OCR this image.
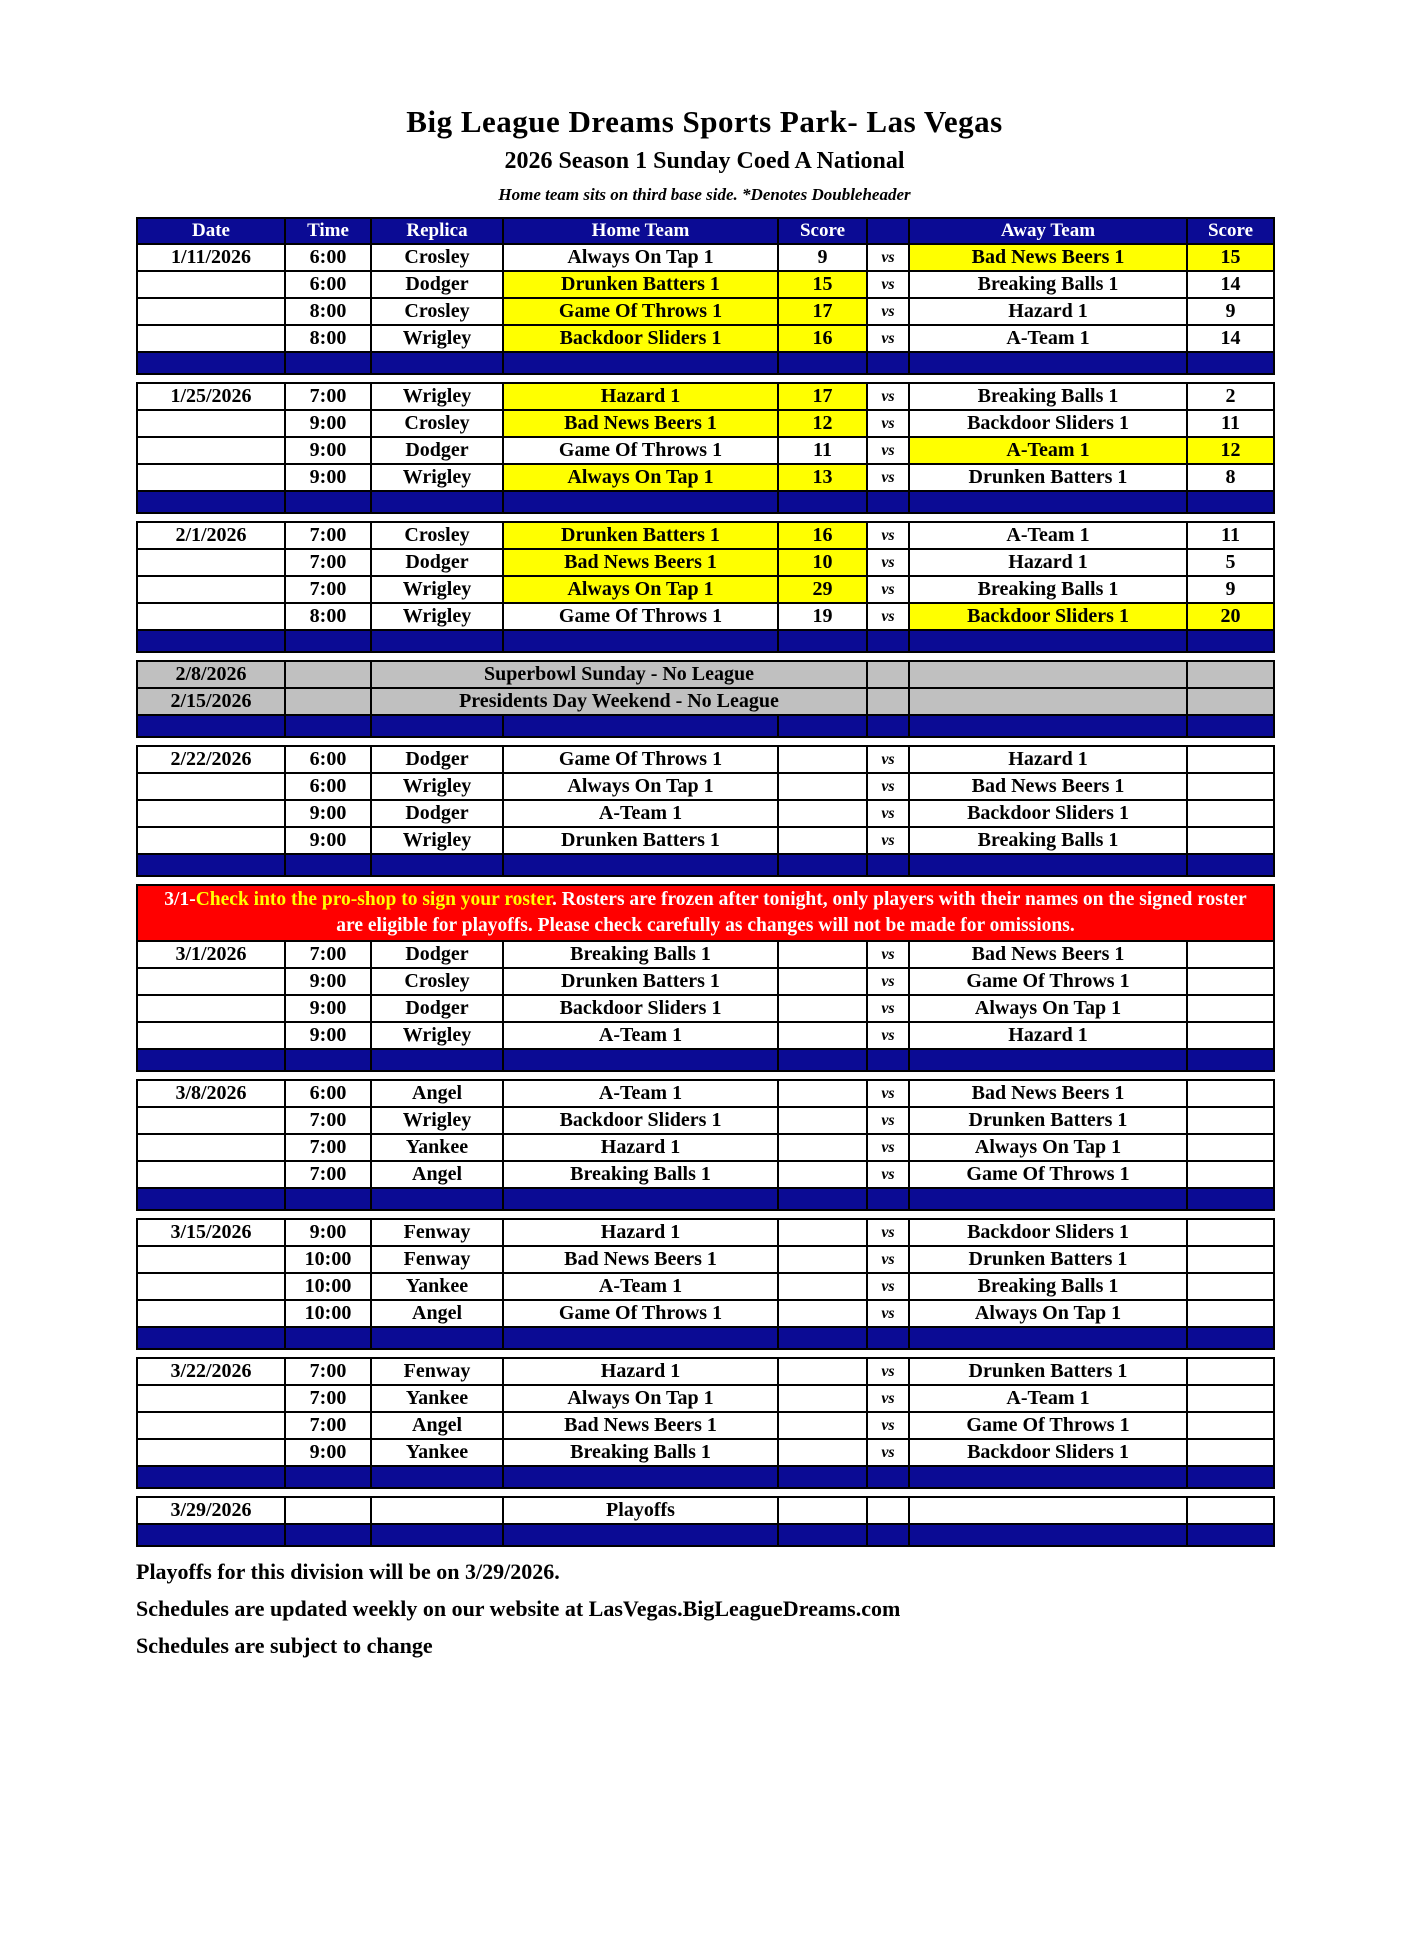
Big League Dreams Sports Park- Las Vegas
2026 Season 1 Sunday Coed A National
Home team sits on third base side. *Denotes Doubleheader
Date	Time	Replica	Home Team	Score		Away Team	Score
1/11/2026	6:00	Crosley	Always On Tap 1	9	vs	Bad News Beers 1	15
	6:00	Dodger	Drunken Batters 1	15	vs	Breaking Balls 1	14
	8:00	Crosley	Game Of Throws 1	17	vs	Hazard 1	9
	8:00	Wrigley	Backdoor Sliders 1	16	vs	A-Team 1	14

1/25/2026	7:00	Wrigley	Hazard 1	17	vs	Breaking Balls 1	2
	9:00	Crosley	Bad News Beers 1	12	vs	Backdoor Sliders 1	11
	9:00	Dodger	Game Of Throws 1	11	vs	A-Team 1	12
	9:00	Wrigley	Always On Tap 1	13	vs	Drunken Batters 1	8

2/1/2026	7:00	Crosley	Drunken Batters 1	16	vs	A-Team 1	11
	7:00	Dodger	Bad News Beers 1	10	vs	Hazard 1	5
	7:00	Wrigley	Always On Tap 1	29	vs	Breaking Balls 1	9
	8:00	Wrigley	Game Of Throws 1	19	vs	Backdoor Sliders 1	20

2/8/2026		Superbowl Sunday - No League					
2/15/2026		Presidents Day Weekend - No League					

2/22/2026	6:00	Dodger	Game Of Throws 1		vs	Hazard 1	
	6:00	Wrigley	Always On Tap 1		vs	Bad News Beers 1	
	9:00	Dodger	A-Team 1		vs	Backdoor Sliders 1	
	9:00	Wrigley	Drunken Batters 1		vs	Breaking Balls 1	

3/1-Check into the pro-shop to sign your roster. Rosters are frozen after tonight, only players with their names on the signed roster are eligible for playoffs. Please check carefully as changes will not be made for omissions.							
3/1/2026	7:00	Dodger	Breaking Balls 1		vs	Bad News Beers 1	
	9:00	Crosley	Drunken Batters 1		vs	Game Of Throws 1	
	9:00	Dodger	Backdoor Sliders 1		vs	Always On Tap 1	
	9:00	Wrigley	A-Team 1		vs	Hazard 1	

3/8/2026	6:00	Angel	A-Team 1		vs	Bad News Beers 1	
	7:00	Wrigley	Backdoor Sliders 1		vs	Drunken Batters 1	
	7:00	Yankee	Hazard 1		vs	Always On Tap 1	
	7:00	Angel	Breaking Balls 1		vs	Game Of Throws 1	

3/15/2026	9:00	Fenway	Hazard 1		vs	Backdoor Sliders 1	
	10:00	Fenway	Bad News Beers 1		vs	Drunken Batters 1	
	10:00	Yankee	A-Team 1		vs	Breaking Balls 1	
	10:00	Angel	Game Of Throws 1		vs	Always On Tap 1	

3/22/2026	7:00	Fenway	Hazard 1		vs	Drunken Batters 1	
	7:00	Yankee	Always On Tap 1		vs	A-Team 1	
	7:00	Angel	Bad News Beers 1		vs	Game Of Throws 1	
	9:00	Yankee	Breaking Balls 1		vs	Backdoor Sliders 1	

3/29/2026			Playoffs				

Playoffs for this division will be on 3/29/2026.

Schedules are updated weekly on our website at LasVegas.BigLeagueDreams.com

Schedules are subject to change
